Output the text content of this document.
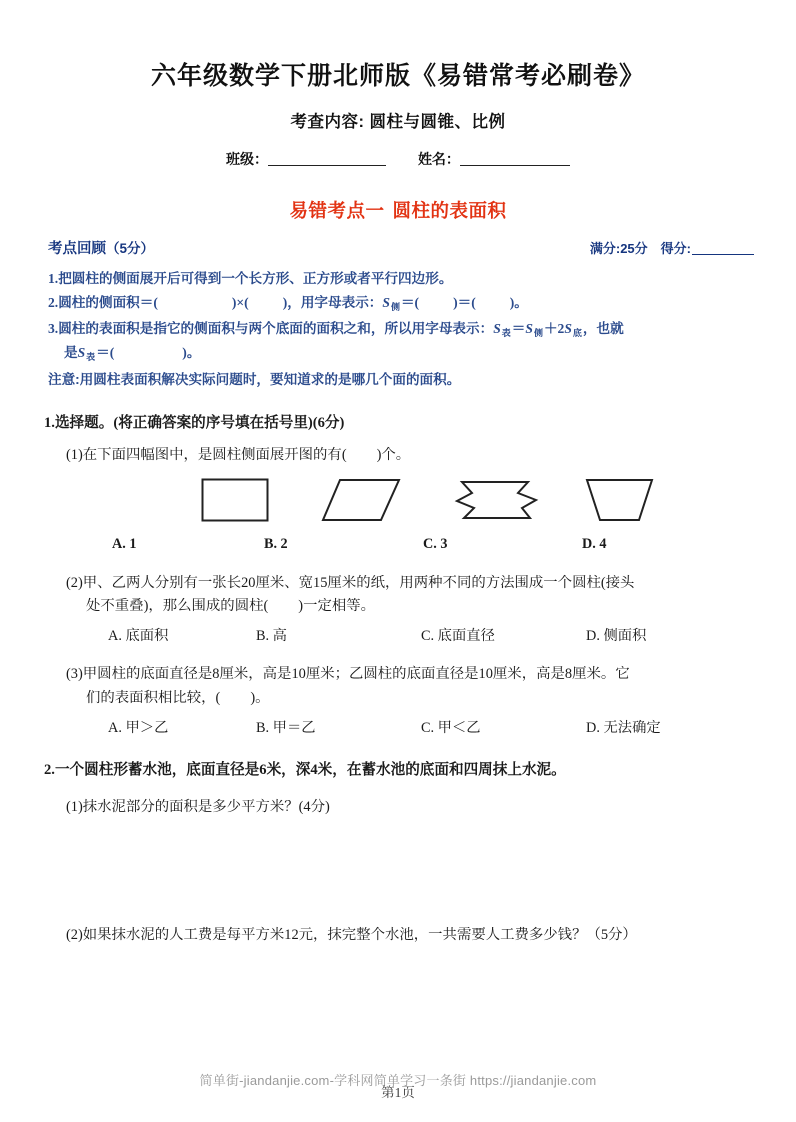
六年级数学下册北师版《易错常考必刷卷》
考查内容: 圆柱与圆锥、比例
班级：	姓名：
易错考点一 圆柱的表面积
考点回顾（5分）	满分:25分 得分:
1.把圆柱的侧面展开后可得到一个长方形、正方形或者平行四边形。
2.圆柱的侧面积＝(	)×(	)，用字母表示：$S_侧=$(	)＝(	)。
3.圆柱的表面积是指它的侧面积与两个底面的面积之和，所以用字母表示：$S_表=S_侧+2S_底$，也就
是$S_表=$(	)。
注意:用圆柱表面积解决实际问题时，要知道求的是哪几个面的面积。
1.选择题。(将正确答案的序号填在括号里)(6分)
(1)在下面四幅图中，是圆柱侧面展开图的有( )个。
A. 1	B. 2	C. 3	D. 4
(2)甲、乙两人分别有一张长20厘米、宽15厘米的纸，用两种不同的方法围成一个圆柱(接头
处不重叠)，那么围成的圆柱( )一定相等。
A. 底面积	B. 高	C. 底面直径	D. 侧面积
(3)甲圆柱的底面直径是8厘米，高是10厘米；乙圆柱的底面直径是10厘米，高是8厘米。它
们的表面积相比较，( )。
A. 甲＞乙	B. 甲＝乙	C. 甲＜乙	D. 无法确定
2.一个圆柱形蓄水池，底面直径是6米，深4米，在蓄水池的底面和四周抹上水泥。
(1)抹水泥部分的面积是多少平方米？(4分)
(2)如果抹水泥的人工费是每平方米12元，抹完整个水池，一共需要人工费多少钱？（5分）
简单街-jiandanjie.com-学科网简单学习一条街 https://jiandanjie.com
第1页
